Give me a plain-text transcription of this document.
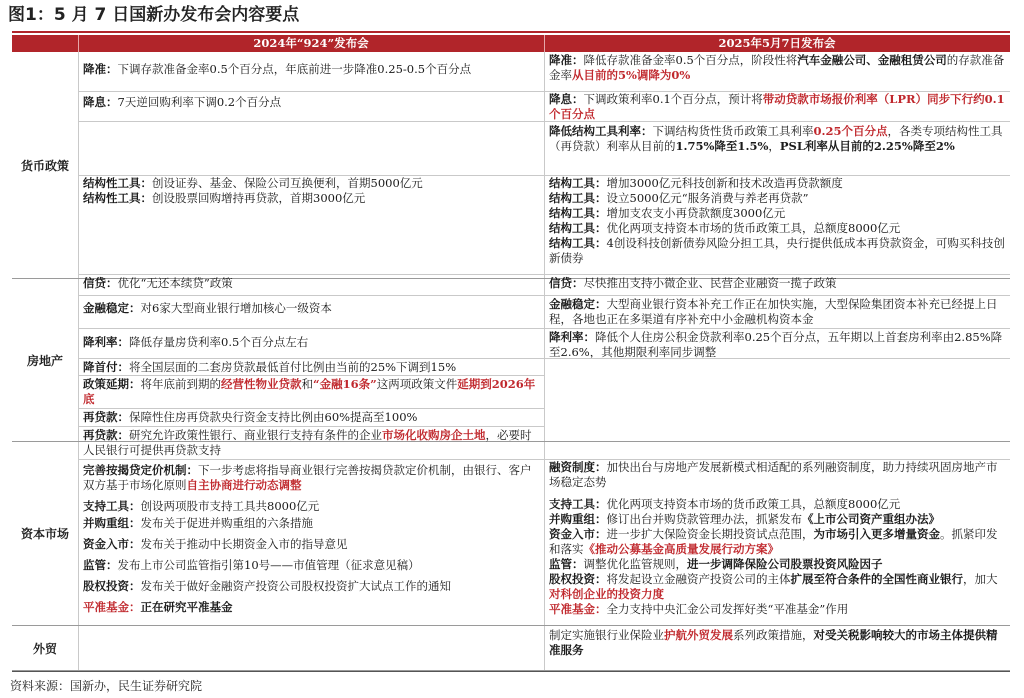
图1：5 月 7 日国新办发布会内容要点
2024年“924”发布会	2025年5月7日发布会
货币政策
房地产
资本市场
外贸
降准：下调存款准备金率0.5个百分点，年底前进一步降准0.25-0.5个百分点
降息：7天逆回购利率下调0.2个百分点
结构性工具：创设证券、基金、保险公司互换便利，首期5000亿元
结构性工具：创设股票回购增持再贷款，首期3000亿元
信贷：优化“无还本续贷”政策
金融稳定：对6家大型商业银行增加核心一级资本
降利率：降低存量房贷利率0.5个百分点左右
降首付：将全国层面的二套房贷款最低首付比例由当前的25%下调到15%
政策延期：将年底前到期的经营性物业贷款和“金融16条”这两项政策文件延期到2026年底
再贷款：保障性住房再贷款央行资金支持比例由60%提高至100%
再贷款：研究允许政策性银行、商业银行支持有条件的企业市场化收购房企土地，必要时人民银行可提供再贷款支持
完善按揭贷定价机制：下一步考虑将指导商业银行完善按揭贷款定价机制，由银行、客户双方基于市场化原则自主协商进行动态调整
支持工具：创设两项股市支持工具共8000亿元
并购重组：发布关于促进并购重组的六条措施
资金入市：发布关于推动中长期资金入市的指导意见
监管：发布上市公司监管指引第10号——市值管理（征求意见稿）
股权投资：发布关于做好金融资产投资公司股权投资扩大试点工作的通知
平准基金：正在研究平准基金
降准：降低存款准备金率0.5个百分点，阶段性将汽车金融公司、金融租赁公司的存款准备金率从目前的5%调降为0%
降息：下调政策利率0.1个百分点，预计将带动贷款市场报价利率（LPR）同步下行约0.1个百分点
降低结构工具利率：下调结构货性货币政策工具利率0.25个百分点，各类专项结构性工具（再贷款）利率从目前的1.75%降至1.5%，PSL利率从目前的2.25%降至2%
结构工具：增加3000亿元科技创新和技术改造再贷款额度
结构工具：设立5000亿元“服务消费与养老再贷款”
结构工具：增加支农支小再贷款额度3000亿元
结构工具：优化两项支持资本市场的货币政策工具，总额度8000亿元
结构工具：4创设科技创新债券风险分担工具，央行提供低成本再贷款资金，可购买科技创新债券
信贷：尽快推出支持小微企业、民营企业融资一揽子政策
金融稳定：大型商业银行资本补充工作正在加快实施，大型保险集团资本补充已经提上日程，各地也正在多渠道有序补充中小金融机构资本金
降利率：降低个人住房公积金贷款利率0.25个百分点，五年期以上首套房利率由2.85%降至2.6%，其他期限利率同步调整
融资制度：加快出台与房地产发展新模式相适配的系列融资制度，助力持续巩固房地产市场稳定态势
支持工具：优化两项支持资本市场的货币政策工具，总额度8000亿元
并购重组：修订出台并购贷款管理办法，抓紧发布《上市公司资产重组办法》
资金入市：进一步扩大保险资金长期投资试点范围，为市场引入更多增量资金。抓紧印发和落实《推动公募基金高质量发展行动方案》
监管：调整优化监管规则，进一步调降保险公司股票投资风险因子
股权投资：将发起设立金融资产投资公司的主体扩展至符合条件的全国性商业银行，加大对科创企业的投资力度
平准基金：全力支持中央汇金公司发挥好类“平准基金”作用
制定实施银行业保险业护航外贸发展系列政策措施，对受关税影响较大的市场主体提供精准服务
资料来源：国新办，民生证券研究院
